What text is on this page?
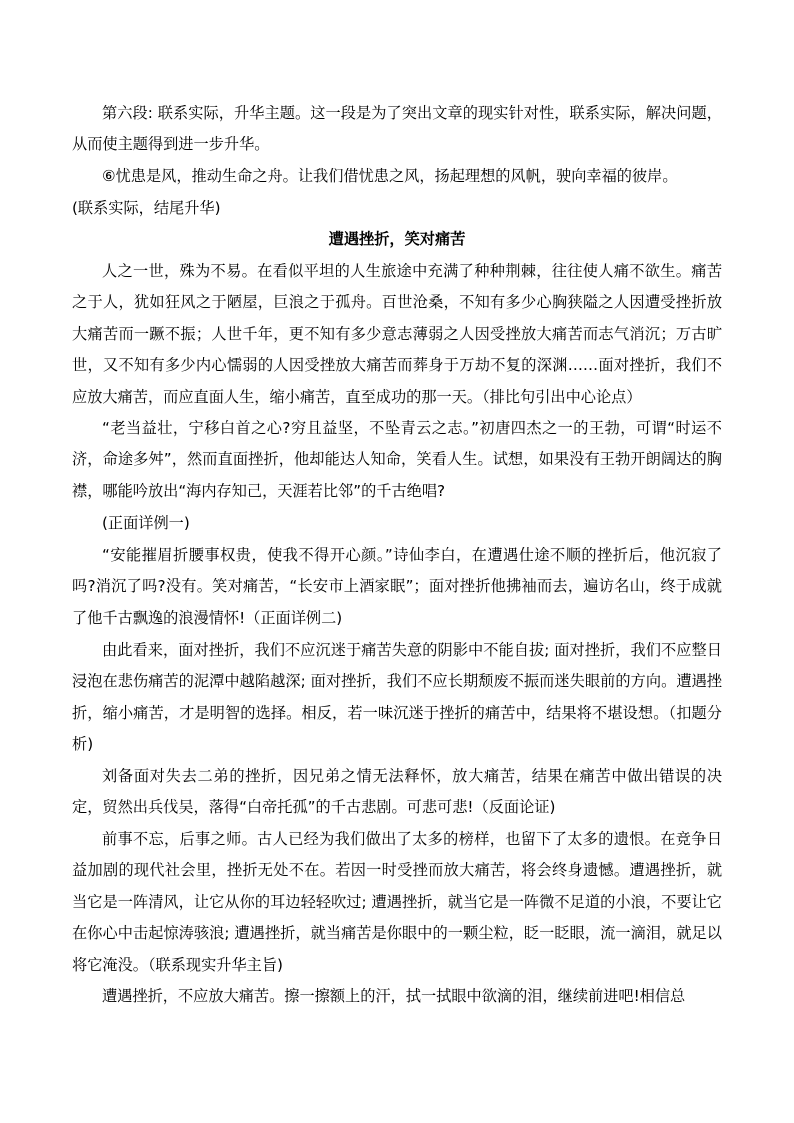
第六段: 联系实际，升华主题。这一段是为了突出文章的现实针对性，联系实际，解决问题，从而使主题得到进一步升华。

⑥忧患是风，推动生命之舟。让我们借忧患之风，扬起理想的风帆，驶向幸福的彼岸。

(联系实际，结尾升华)

遭遇挫折，笑对痛苦

人之一世，殊为不易。在看似平坦的人生旅途中充满了种种荆棘，往往使人痛不欲生。痛苦之于人，犹如狂风之于陋屋，巨浪之于孤舟。百世沧桑，不知有多少心胸狭隘之人因遭受挫折放大痛苦而一蹶不振；人世千年，更不知有多少意志薄弱之人因受挫放大痛苦而志气消沉；万古旷世，又不知有多少内心懦弱的人因受挫放大痛苦而葬身于万劫不复的深渊……面对挫折，我们不应放大痛苦，而应直面人生，缩小痛苦，直至成功的那一天。（排比句引出中心论点）

“老当益壮，宁移白首之心?穷且益坚，不坠青云之志。”初唐四杰之一的王勃，可谓“时运不济，命途多舛”，然而直面挫折，他却能达人知命，笑看人生。试想，如果没有王勃开朗阔达的胸襟，哪能吟放出“海内存知己，天涯若比邻”的千古绝唱?

(正面详例一)

“安能摧眉折腰事权贵，使我不得开心颜。”诗仙李白，在遭遇仕途不顺的挫折后，他沉寂了吗?消沉了吗?没有。笑对痛苦，“长安市上酒家眠”；面对挫折他拂袖而去，遍访名山，终于成就了他千古飘逸的浪漫情怀!（正面详例二)

由此看来，面对挫折，我们不应沉迷于痛苦失意的阴影中不能自拔; 面对挫折，我们不应整日浸泡在悲伤痛苦的泥潭中越陷越深; 面对挫折，我们不应长期颓废不振而迷失眼前的方向。遭遇挫折，缩小痛苦，才是明智的选择。相反，若一味沉迷于挫折的痛苦中，结果将不堪设想。（扣题分析)

刘备面对失去二弟的挫折，因兄弟之情无法释怀，放大痛苦，结果在痛苦中做出错误的决定，贸然出兵伐吴，落得“白帝托孤”的千古悲剧。可悲可悲!（反面论证)

前事不忘，后事之师。古人已经为我们做出了太多的榜样，也留下了太多的遗恨。在竞争日益加剧的现代社会里，挫折无处不在。若因一时受挫而放大痛苦，将会终身遗憾。遭遇挫折，就当它是一阵清风，让它从你的耳边轻轻吹过; 遭遇挫折，就当它是一阵微不足道的小浪，不要让它在你心中击起惊涛骇浪; 遭遇挫折，就当痛苦是你眼中的一颗尘粒，眨一眨眼，流一滴泪，就足以将它淹没。（联系现实升华主旨)

遭遇挫折，不应放大痛苦。擦一擦额上的汗，拭一拭眼中欲滴的泪，继续前进吧!相信总
